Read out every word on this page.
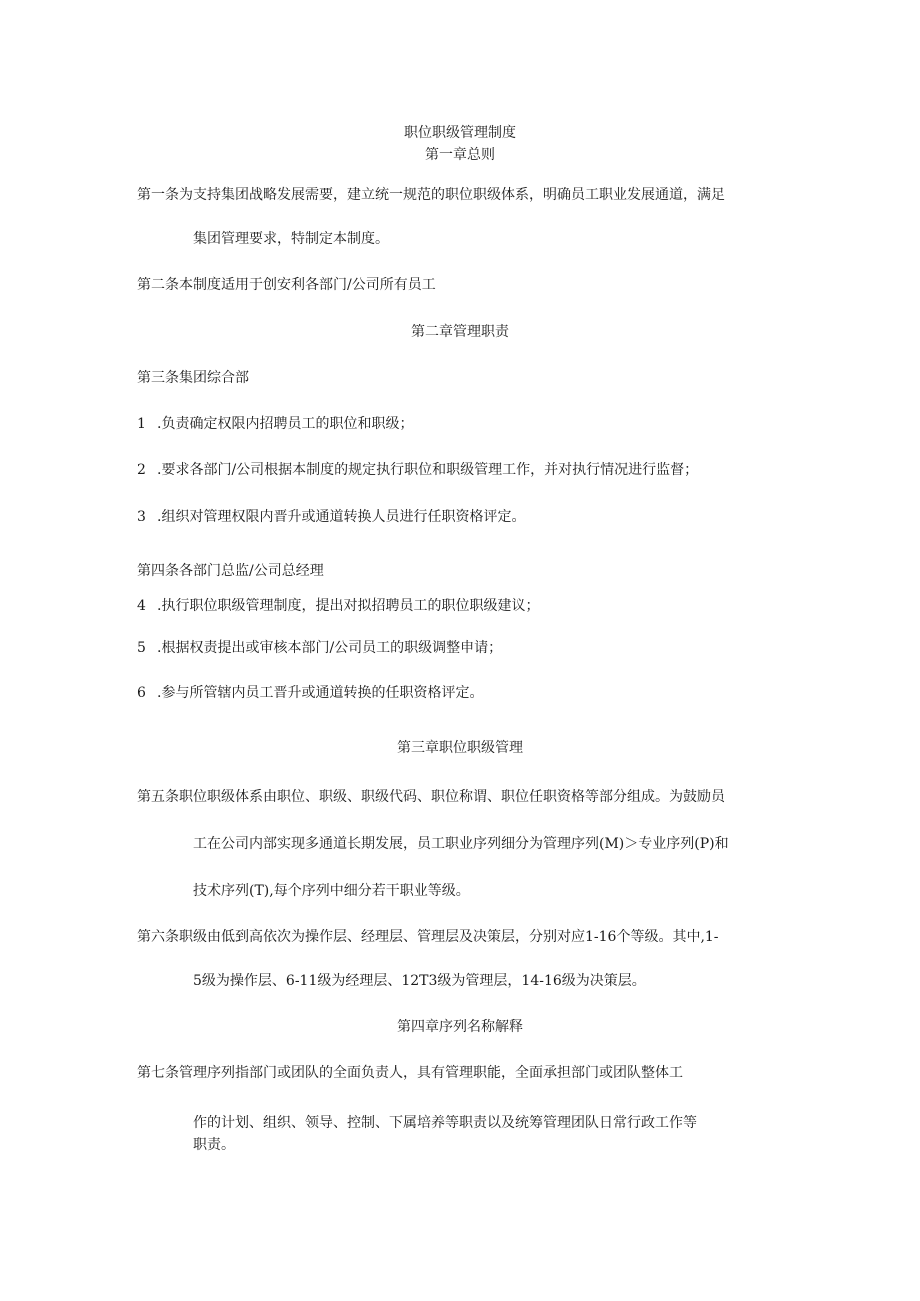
职位职级管理制度
第一章总则
第一条为支持集团战略发展需要，建立统一规范的职位职级体系，明确员工职业发展通道，满足
集团管理要求，特制定本制度。
第二条本制度适用于创安利各部门/公司所有员工
第二章管理职责
第三条集团综合部
1 .负责确定权限内招聘员工的职位和职级；
2 .要求各部门/公司根据本制度的规定执行职位和职级管理工作，并对执行情况进行监督；
3 .组织对管理权限内晋升或通道转换人员进行任职资格评定。
第四条各部门总监/公司总经理
4 .执行职位职级管理制度，提出对拟招聘员工的职位职级建议；
5 .根据权责提出或审核本部门/公司员工的职级调整申请；
6 .参与所管辖内员工晋升或通道转换的任职资格评定。
第三章职位职级管理
第五条职位职级体系由职位、职级、职级代码、职位称谓、职位任职资格等部分组成。为鼓励员
工在公司内部实现多通道长期发展，员工职业序列细分为管理序列(M)＞专业序列(P)和
技术序列(T),每个序列中细分若干职业等级。
第六条职级由低到高依次为操作层、经理层、管理层及决策层，分别对应1-16个等级。其中,1-
5级为操作层、6-11级为经理层、12T3级为管理层，14-16级为决策层。
第四章序列名称解释
第七条管理序列指部门或团队的全面负责人，具有管理职能，全面承担部门或团队整体工
作的计划、组织、领导、控制、下属培养等职责以及统筹管理团队日常行政工作等
职责。
